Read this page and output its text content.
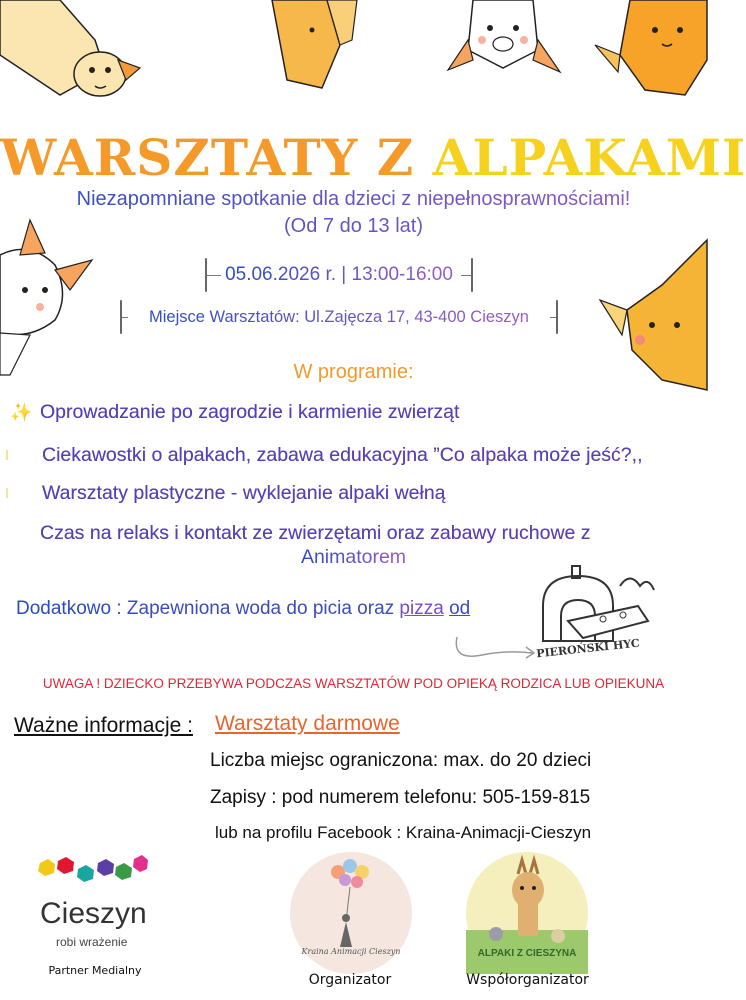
WARSZTATY Z ALPAKAMI
Niezapomniane spotkanie dla dzieci z niepełnosprawnościami!
(Od 7 do 13 lat)
05.06.2026 r. | 13:00-16:00
Miejsce Warsztatów: Ul.Zajęcza 17, 43-400 Cieszyn
W programie:
✨ Oprowadzanie po zagrodzie i karmienie zwierząt
Ciekawostki o alpakach, zabawa edukacyjna ”Co alpaka może jeść?,,
Warsztaty plastyczne - wyklejanie alpaki wełną
Czas na relaks i kontakt ze zwierzętami oraz zabawy ruchowe z
Animatorem
Dodatkowo : Zapewniona woda do picia oraz pizza od
PIEROŃSKI HYC
UWAGA ! DZIECKO PRZEBYWA PODCZAS WARSZTATÓW POD OPIEKĄ RODZICA LUB OPIEKUNA
Ważne informacje : Warsztaty darmowe
Liczba miejsc ograniczona: max. do 20 dzieci
Zapisy : pod numerem telefonu: 505-159-815
lub na profilu Facebook : Kraina-Animacji-Cieszyn
Cieszyn
robi wrażenie
Partner Medialny
Kraina Animacji Cieszyn
Organizator
ALPAKI Z CIESZYNA
Współorganizator
